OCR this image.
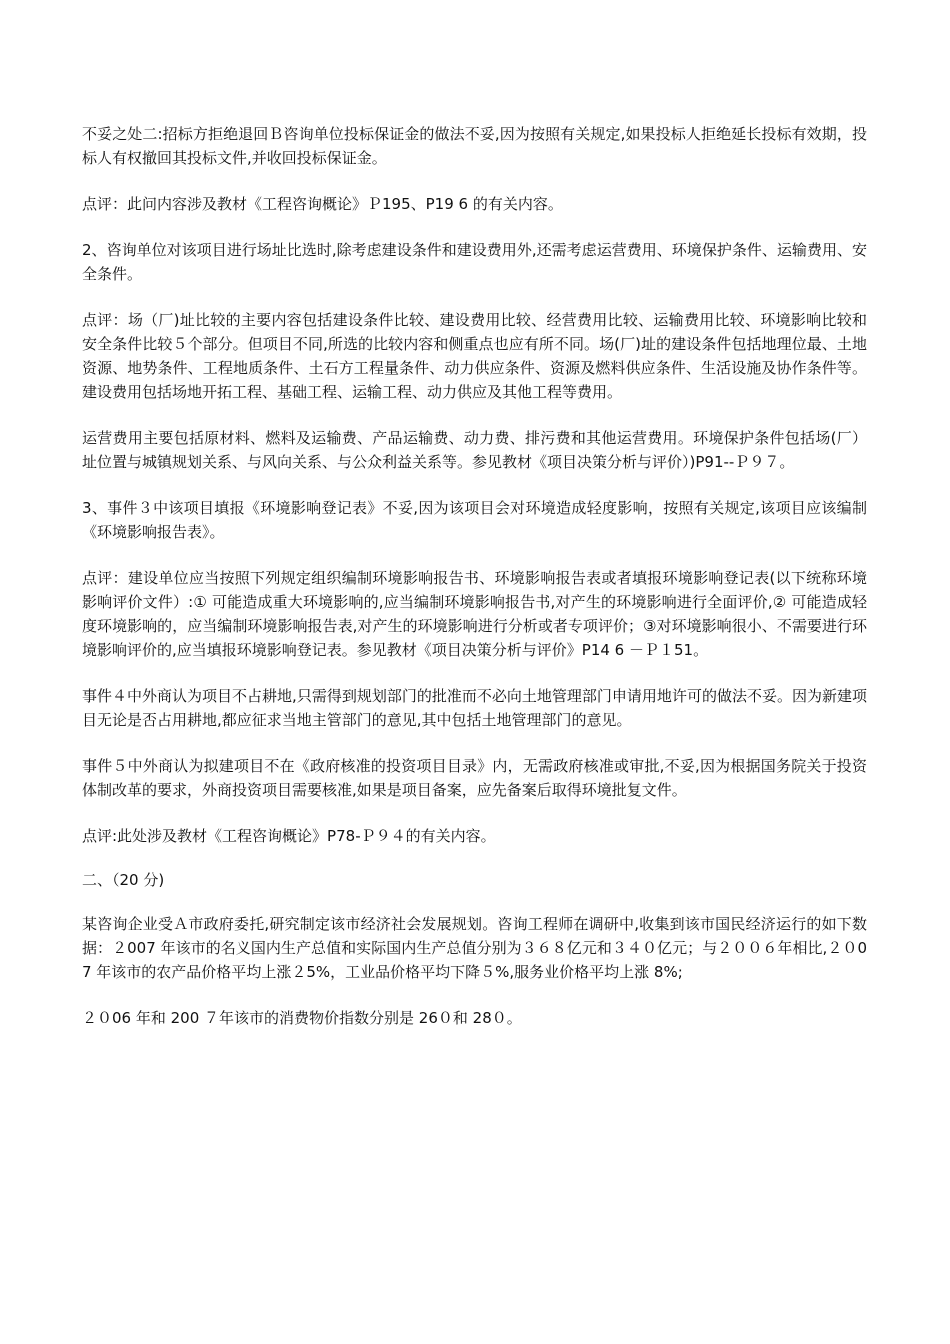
不妥之处二:招标方拒绝退回Ｂ咨询单位投标保证金的做法不妥,因为按照有关规定,如果投标人拒绝延长投标有效期，投标人有权撤回其投标文件,并收回投标保证金。

点评：此问内容涉及教材《工程咨询概论》Ｐ195、P19 6 的有关内容。

2、咨询单位对该项目进行场址比选时,除考虑建设条件和建设费用外,还需考虑运营费用、环境保护条件、运输费用、安全条件。

点评：场（厂)址比较的主要内容包括建设条件比较、建设费用比较、经营费用比较、运输费用比较、环境影响比较和安全条件比较５个部分。但项目不同,所选的比较内容和侧重点也应有所不同。场(厂)址的建设条件包括地理位最、土地资源、地势条件、工程地质条件、土石方工程量条件、动力供应条件、资源及燃料供应条件、生活设施及协作条件等。建设费用包括场地开拓工程、基础工程、运输工程、动力供应及其他工程等费用。

运营费用主要包括原材料、燃料及运输费、产品运输费、动力费、排污费和其他运营费用。环境保护条件包括场(厂）址位置与城镇规划关系、与风向关系、与公众利益关系等。参见教材《项目决策分析与评价）)P91--Ｐ９７。

3、事件３中该项目填报《环境影响登记表》不妥,因为该项目会对环境造成轻度影响，按照有关规定,该项目应该编制《环境影响报告表》。

点评：建设单位应当按照下列规定组织编制环境影响报告书、环境影响报告表或者填报环境影响登记表(以下统称环境影响评价文件）:① 可能造成重大环境影响的,应当编制环境影响报告书,对产生的环境影响进行全面评价,② 可能造成轻度环境影响的，应当编制环境影响报告表,对产生的环境影响进行分析或者专项评价；③对环境影响很小、不需要进行环境影响评价的,应当填报环境影响登记表。参见教材《项目决策分析与评价》P14 6 －Ｐ１51。

事件４中外商认为项目不占耕地,只需得到规划部门的批准而不必向土地管理部门申请用地许可的做法不妥。因为新建项目无论是否占用耕地,都应征求当地主管部门的意见,其中包括土地管理部门的意见。

事件５中外商认为拟建项目不在《政府核准的投资项目目录》内，无需政府核准或审批,不妥,因为根据国务院关于投资体制改革的要求，外商投资项目需要核准,如果是项目备案，应先备案后取得环境批复文件。

点评:此处涉及教材《工程咨询概论》P78-Ｐ９４的有关内容。

二、（20 分)

某咨询企业受Ａ市政府委托,研究制定该市经济社会发展规划。咨询工程师在调研中,收集到该市国民经济运行的如下数据：２007 年该市的名义国内生产总值和实际国内生产总值分别为３６８亿元和３４０亿元；与２００６年相比,２０07 年该市的农产品价格平均上涨２5%，工业品价格平均下降５%,服务业价格平均上涨 8%;

２０06 年和 200 ７年该市的消费物价指数分别是 26０和 28０。
